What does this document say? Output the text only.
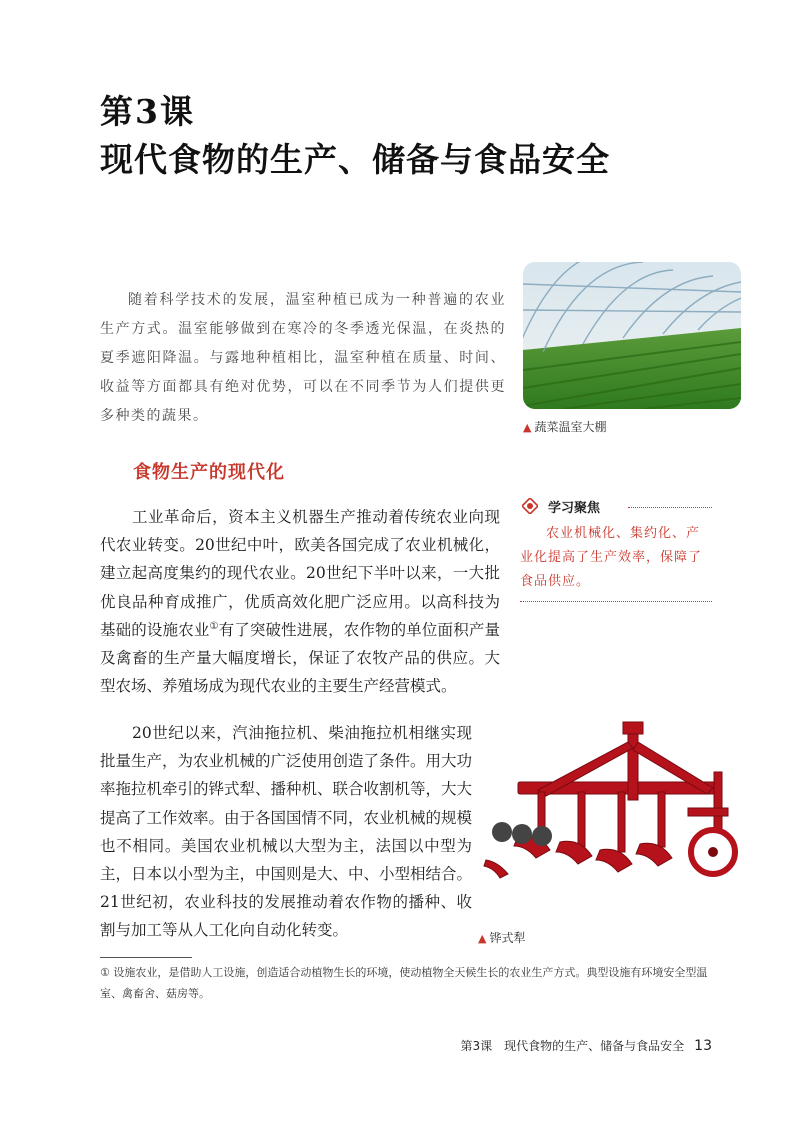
第3课
现代食物的生产、储备与食品安全

随着科学技术的发展，温室种植已成为一种普遍的农业生产方式。温室能够做到在寒冷的冬季透光保温，在炎热的夏季遮阳降温。与露地种植相比，温室种植在质量、时间、收益等方面都具有绝对优势，可以在不同季节为人们提供更多种类的蔬果。

▲ 蔬菜温室大棚
食物生产的现代化

工业革命后，资本主义机器生产推动着传统农业向现代农业转变。20世纪中叶，欧美各国完成了农业机械化，建立起高度集约的现代农业。20世纪下半叶以来，一大批优良品种育成推广，优质高效化肥广泛应用。以高科技为基础的设施农业①有了突破性进展，农作物的单位面积产量及禽畜的生产量大幅度增长，保证了农牧产品的供应。大型农场、养殖场成为现代农业的主要生产经营模式。

学习聚焦

农业机械化、集约化、产业化提高了生产效率，保障了食品供应。

20世纪以来，汽油拖拉机、柴油拖拉机相继实现批量生产，为农业机械的广泛使用创造了条件。用大功率拖拉机牵引的铧式犁、播种机、联合收割机等，大大提高了工作效率。由于各国国情不同，农业机械的规模也不相同。美国农业机械以大型为主，法国以中型为主，日本以小型为主，中国则是大、中、小型相结合。21世纪初，农业科技的发展推动着农作物的播种、收割与加工等从人工化向自动化转变。	▲ 铧式犁

① 设施农业，是借助人工设施，创造适合动植物生长的环境，使动植物全天候生长的农业生产方式。典型设施有环境安全型温室、禽畜舍、菇房等。

第3课　现代食物的生产、储备与食品安全 13
